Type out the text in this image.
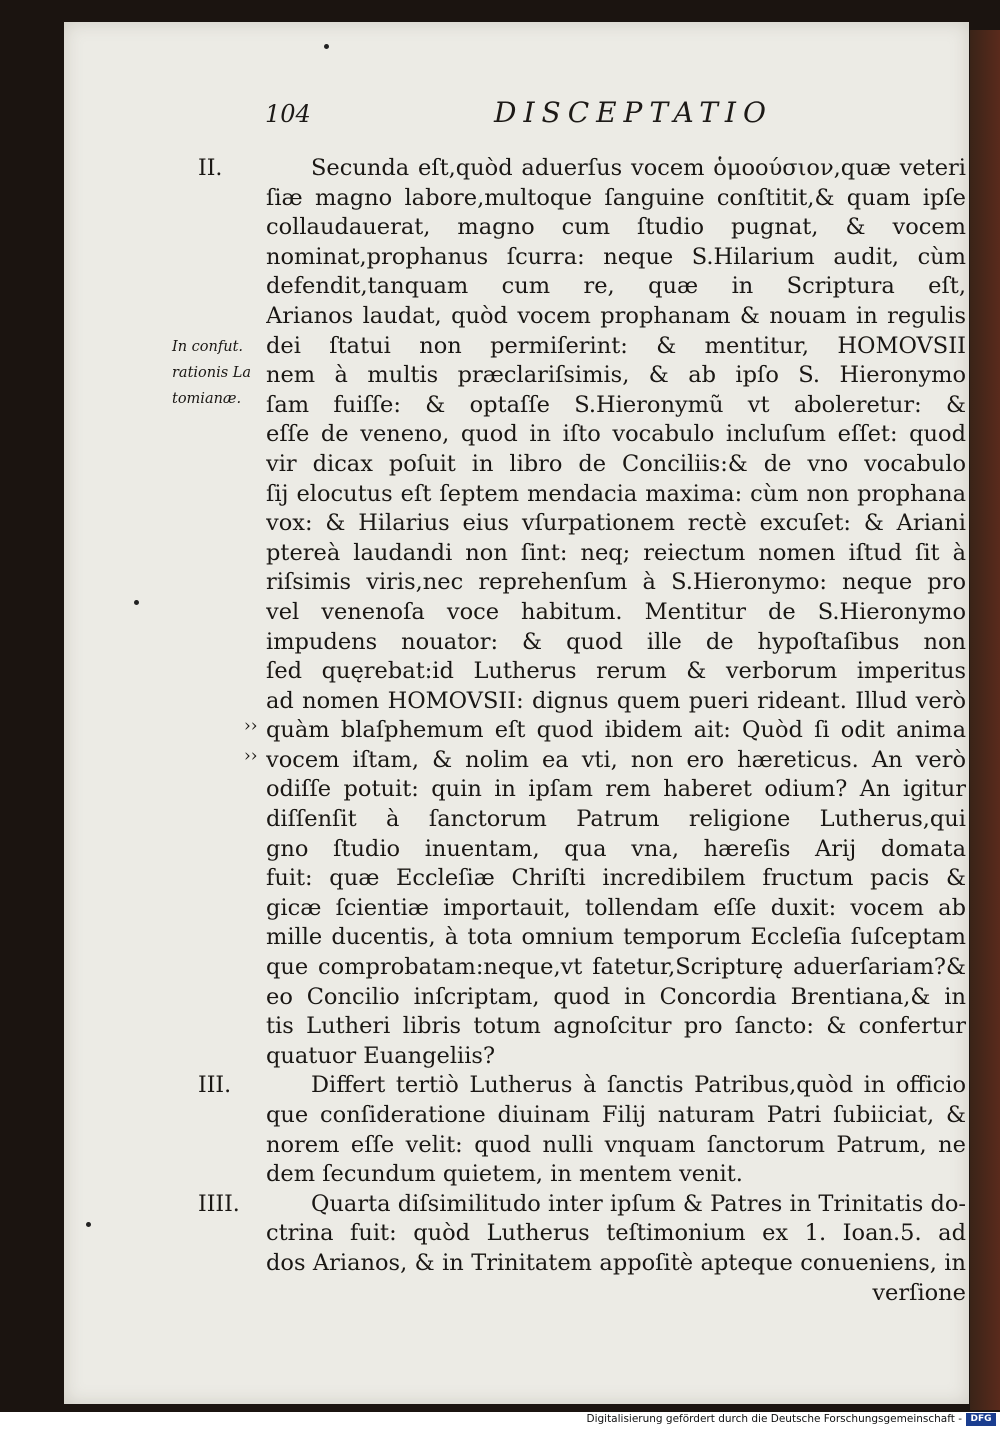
104	DISCEPTATIO
In confut.
rationis La
tomianæ.
››
››
II.	Secunda eſt,quòd aduerſus vocem ὁμοούσιον,quæ veteri
ſiæ magno labore,multoque ſanguine conſtitit,& quam ipſe
collaudauerat, magno cum ſtudio pugnat, & vocem
nominat,prophanus ſcurra: neque S.Hilarium audit, cùm
defendit,tanquam cum re, quæ in Scriptura eſt,
Arianos laudat, quòd vocem prophanam & nouam in regulis
dei ſtatui non permiſerint: & mentitur, HOMOVSII
nem à multis præclariſsimis, & ab ipſo S. Hieronymo
ſam fuiſſe: & optaſſe S.Hieronymũ vt aboleretur: &
eſſe de veneno, quod in iſto vocabulo incluſum eſſet: quod
vir dicax poſuit in libro de Conciliis:& de vno vocabulo
ſij elocutus eſt ſeptem mendacia maxima: cùm non prophana
vox: & Hilarius eius vſurpationem rectè excuſet: & Ariani
ptereà laudandi non ſint: neq; reiectum nomen iſtud ſit à
riſsimis viris,nec reprehenſum à S.Hieronymo: neque pro
vel venenoſa voce habitum. Mentitur de S.Hieronymo
impudens nouator: & quod ille de hypoſtaſibus non
ſed quęrebat:id Lutherus rerum & verborum imperitus
ad nomen HOMOVSII: dignus quem pueri rideant. Illud verò
quàm blaſphemum eſt quod ibidem ait: Quòd ſi odit anima
vocem iſtam, & nolim ea vti, non ero hæreticus. An verò
odiſſe potuit: quin in ipſam rem haberet odium? An igitur
diſſenſit à ſanctorum Patrum religione Lutherus,qui
gno ſtudio inuentam, qua vna, hæreſis Arij domata
fuit: quæ Eccleſiæ Chriſti incredibilem fructum pacis &
gicæ ſcientiæ importauit, tollendam eſſe duxit: vocem ab
mille ducentis, à tota omnium temporum Eccleſia ſuſceptam
que comprobatam:neque,vt fatetur,Scripturę aduerſariam?&
eo Concilio inſcriptam, quod in Concordia Brentiana,& in
tis Lutheri libris totum agnoſcitur pro ſancto: & confertur
quatuor Euangeliis?
III.	Differt tertiò Lutherus à ſanctis Patribus,quòd in officio
que conſideratione diuinam Filij naturam Patri ſubiiciat, &
norem eſſe velit: quod nulli vnquam ſanctorum Patrum, ne
dem ſecundum quietem, in mentem venit.
IIII.	Quarta diſsimilitudo inter ipſum & Patres in Trinitatis do-
ctrina fuit: quòd Lutherus teſtimonium ex 1. Ioan.5. ad
dos Arianos, & in Trinitatem appoſitè apteque conueniens, in
verſione
Digitalisierung gefördert durch die Deutsche Forschungsgemeinschaft - DFG
